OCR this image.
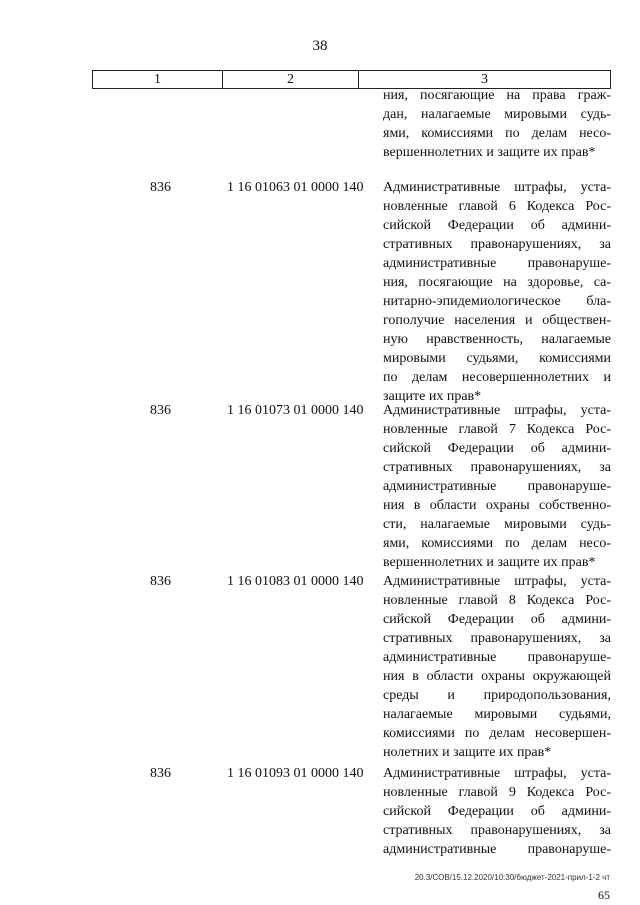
38
1	2	3
ния, посягающие на права граж-
дан, налагаемые мировыми судь-
ями, комиссиями по делам несо-
вершеннолетних и защите их прав*
836	1 16 01063 01 0000 140	Административные штрафы, уста-
новленные главой 6 Кодекса Рос-
сийской Федерации об админи-
стративных правонарушениях, за
административные правонаруше-
ния, посягающие на здоровье, са-
нитарно-эпидемиологическое бла-
гополучие населения и обществен-
ную нравственность, налагаемые
мировыми судьями, комиссиями
по делам несовершеннолетних и
защите их прав*
836	1 16 01073 01 0000 140	Административные штрафы, уста-
новленные главой 7 Кодекса Рос-
сийской Федерации об админи-
стративных правонарушениях, за
административные правонаруше-
ния в области охраны собственно-
сти, налагаемые мировыми судь-
ями, комиссиями по делам несо-
вершеннолетних и защите их прав*
836	1 16 01083 01 0000 140	Административные штрафы, уста-
новленные главой 8 Кодекса Рос-
сийской Федерации об админи-
стративных правонарушениях, за
административные правонаруше-
ния в области охраны окружающей
среды и природопользования,
налагаемые мировыми судьями,
комиссиями по делам несовершен-
нолетних и защите их прав*
836	1 16 01093 01 0000 140	Административные штрафы, уста-
новленные главой 9 Кодекса Рос-
сийской Федерации об админи-
стративных правонарушениях, за
административные правонаруше-
20.3/СОВ/15.12.2020/10:30/бюджет-2021-прил-1-2 чт
65
